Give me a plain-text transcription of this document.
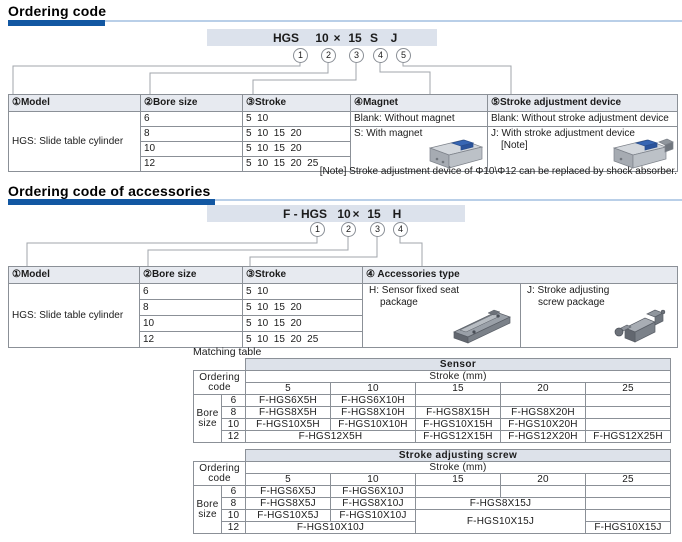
Ordering code
HGS	10 × 15 S	J
1	2	3	4	5
①Model	②Bore size	③Stroke	④Magnet	⑤Stroke adjustment device
HGS: Slide table cylinder	6	5  10	Blank: Without magnet	Blank: Without stroke adjustment device
	8	5  10  15  20	S: With magnet	J: With stroke adjustment device
[Note]

	10	5  10  15  20		
	12	5  10  15  20  25		
[Note] Stroke adjustment device of Φ10\Φ12 can be replaced by shock absorber.
Ordering code of accessories
F - HGS 10 × 15 H
1	2	3	4
①Model	②Bore size	③Stroke	④ Accessories type	
HGS: Slide table cylinder	6	5  10	H: Sensor fixed seat package	J: Stroke adjusting screw package

	8	5  10  15  20		
	10	5  10  15  20		
	12	5  10  15  20  25		
Matching table
		Sensor				
Ordering code		Stroke (mm)				
		5	10	15	20	25
Bore size	6	F-HGS6X5H	F-HGS6X10H			
	8	F-HGS8X5H	F-HGS8X10H	F-HGS8X15H	F-HGS8X20H	
	10	F-HGS10X5H	F-HGS10X10H	F-HGS10X15H	F-HGS10X20H	
	12	F-HGS12X5H		F-HGS12X15H	F-HGS12X20H	F-HGS12X25H
		Stroke adjusting screw				
Ordering code		Stroke (mm)				
		5	10	15	20	25
Bore size	6	F-HGS6X5J	F-HGS6X10J			
	8	F-HGS8X5J	F-HGS8X10J	F-HGS8X15J		
	10	F-HGS10X5J	F-HGS10X10J	F-HGS10X15J		
	12	F-HGS10X10J				F-HGS10X15J
